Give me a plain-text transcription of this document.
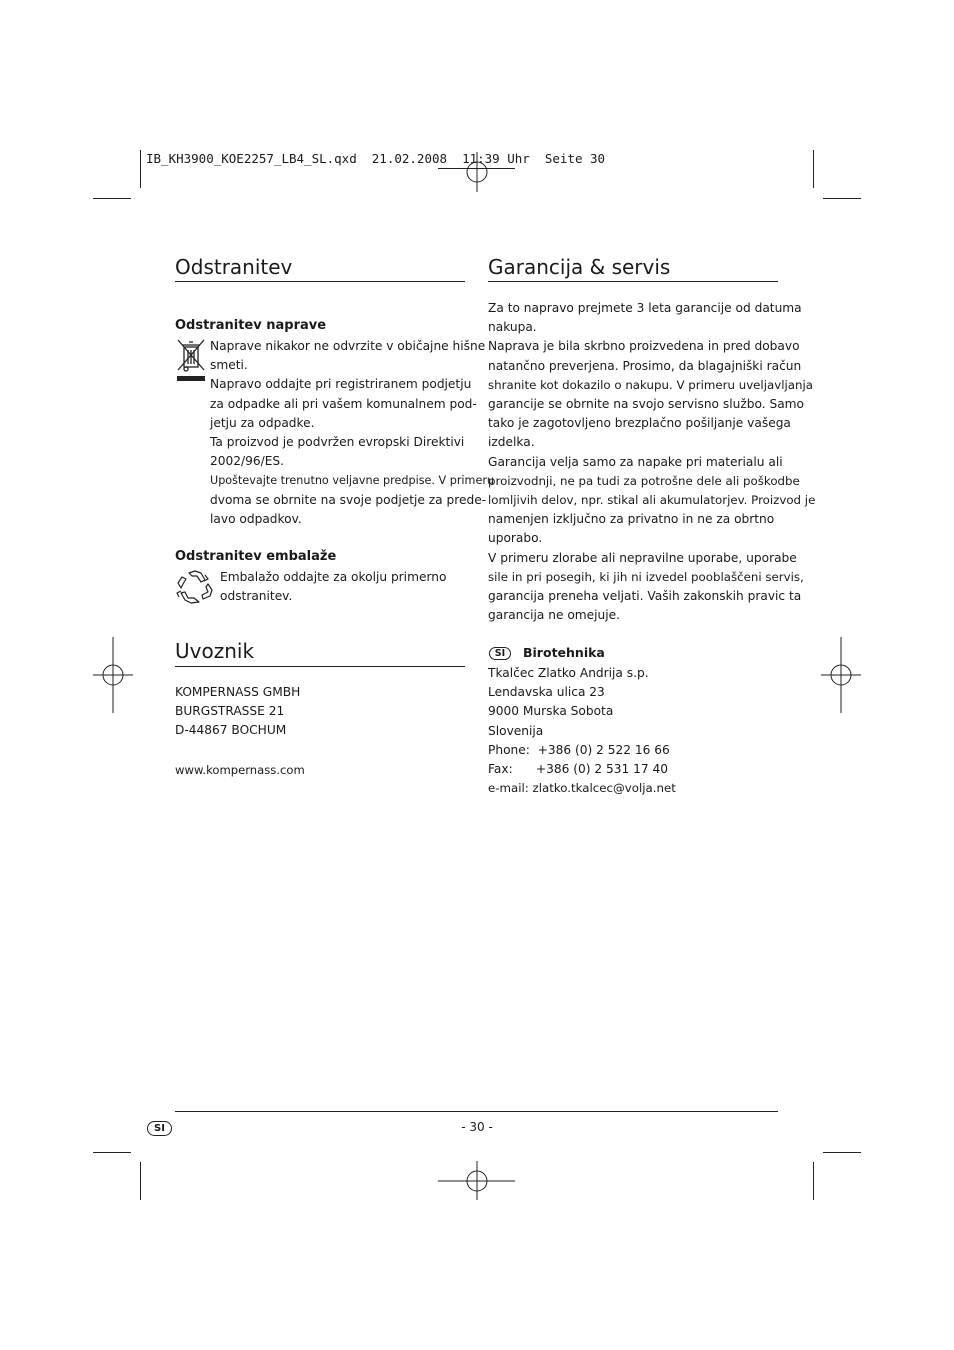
IB_KH3900_KOE2257_LB4_SL.qxd  21.02.2008  11:39 Uhr  Seite 30
Odstranitev
Odstranitev naprave
Naprave nikakor ne odvrzite v običajne hišne
smeti.
Napravo oddajte pri registriranem podjetju
za odpadke ali pri vašem komunalnem pod-
jetju za odpadke.
Ta proizvod je podvržen evropski Direktivi
2002/96/ES.
Upoštevajte trenutno veljavne predpise. V primeru
dvoma se obrnite na svoje podjetje za prede-
lavo odpadkov.
Odstranitev embalaže
Embalažo oddajte za okolju primerno
odstranitev.
Uvoznik
KOMPERNASS GMBH
BURGSTRASSE 21
D-44867 BOCHUM
www.kompernass.com
Garancija & servis
Za to napravo prejmete 3 leta garancije od datuma
nakupa.
Naprava je bila skrbno proizvedena in pred dobavo
natančno preverjena. Prosimo, da blagajniški račun
shranite kot dokazilo o nakupu. V primeru uveljavljanja
garancije se obrnite na svojo servisno službo. Samo
tako je zagotovljeno brezplačno pošiljanje vašega
izdelka.
Garancija velja samo za napake pri materialu ali
proizvodnji, ne pa tudi za potrošne dele ali poškodbe
lomljivih delov, npr. stikal ali akumulatorjev. Proizvod je
namenjen izključno za privatno in ne za obrtno
uporabo.
V primeru zlorabe ali nepravilne uporabe, uporabe
sile in pri posegih, ki jih ni izvedel pooblaščeni servis,
garancija preneha veljati. Vaših zakonskih pravic ta
garancija ne omejuje.
SI	Birotehnika
Tkalčec Zlatko Andrija s.p.
Lendavska ulica 23
9000 Murska Sobota
Slovenija
Phone:  +386 (0) 2 522 16 66
Fax:      +386 (0) 2 531 17 40
e-mail: zlatko.tkalcec@volja.net
SI	- 30 -
